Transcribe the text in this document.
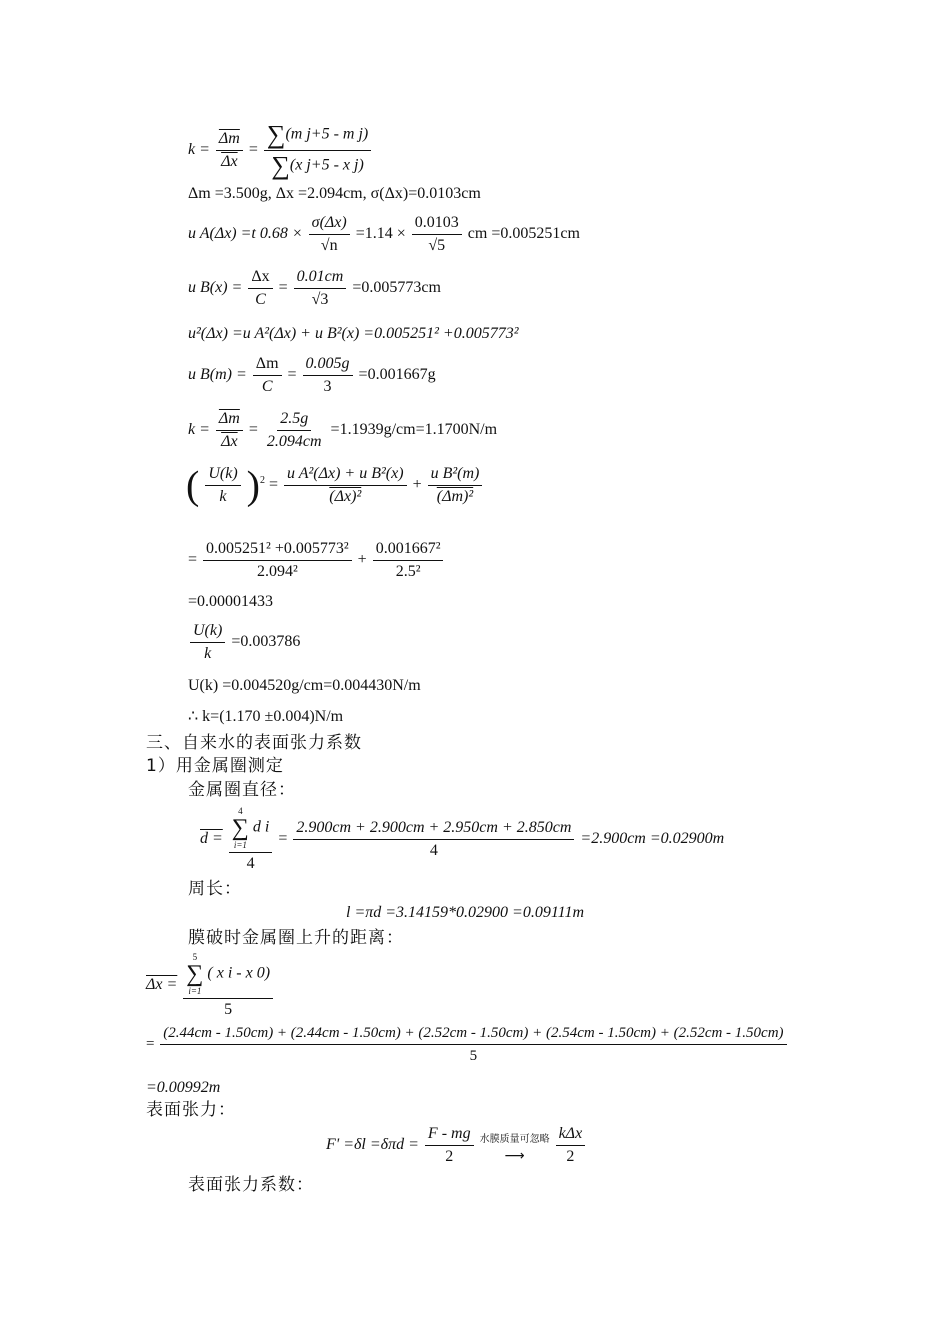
$k = \frac{\overline{\Delta m}}{\Delta x} = \frac{\text{∑(m j+5 - m j)}}{\text{∑(x j+5 - x j)}}$
Δm =3.500g, Δx =2.094cm, σ(Δx)=0.0103cm
u A(Δx) =t $0.68 \times \frac{\sigma(\Delta x)}{√n} =1.14 \times \frac{0.0103}{√5}$ cm =0.005251cm
u $B(x) = \frac{\Delta x}{C} = \frac{0.01cm}{√3} =0.005773cm$
u²(Δx) =u A²(Δx) + u B²(x) =0.005251² +0.005773²
u $B(m) = \frac{\Delta m}{C} = \frac{0.005g}{3} =0.001667g$
$k = \frac{\overline{\Delta m}}{\Delta x} = \frac{2.5g}{2.094cm} =1.1939g/cm=1.1700N/m$
( $\frac{U(k)}{k} )^2 = \frac{\text{u A²(Δx) + u B²(x)}}{\text{(Δx)²}} + \frac{\text{u B²(m)}}{\text{(Δm)²}}$
= $\frac{\text{0.005251² +0.005773²}}{\text{2.094²}} + \frac{\text{0.001667²}}{\text{2.5²}}$
=0.00001433
$\frac{U(k)}{k} =0.003786$
U(k) =0.004520g/cm=0.004430N/m
∴ k=(1.170 ±0.004)N/m
三、自来水的表面张力系数
1）用金属圈测定
金属圈直径：
d = 4
∑
i=1
d i
$4 = \frac{2.900cm + 2.900cm + 2.950cm + 2.850cm}{4} =2.900cm =0.02900m$
周长：
l =πd =3.14159*0.02900 =0.09111m
膜破时金属圈上升的距离：
Δx = 5
∑
i=1
( x i - x 0)
5
=
(2.44cm - 1.50cm) + (2.44cm - 1.50cm) + (2.52cm - 1.50cm) + (2.54cm - 1.50cm) + (2.52cm - 1.50cm)
5
=0.00992m
表面张力：
$F' =\delta l =\delta\pi d = \frac{F - mg}{2}$
水膜质量可忽略
⟶
$\frac{\text{kΔx}}{2}$
表面张力系数：
